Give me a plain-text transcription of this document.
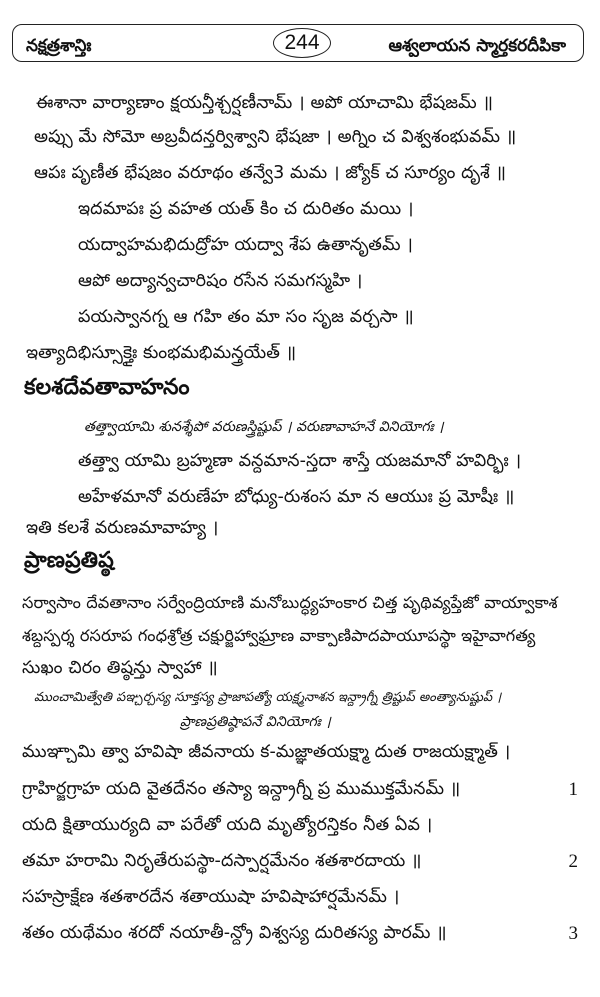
నక్షత్రశాన్తిః	244	ఆశ్వలాయన స్మార్తకరదీపికా
ఈశానా వార్యాణాం క్షయన్తీశ్చర్షణీనామ్ । అపో యాచామి భేషజమ్ ॥
అప్సు మే సోమో అబ్రవీదన్తర్విశ్వాని భేషజా । అగ్నిం చ విశ్వశంభువమ్ ॥
ఆపః పృణీత భేషజం వరూథం తన్వే3 మమ । జ్యోక్ చ సూర్యం దృశే ॥
ఇదమాపః ప్ర వహత యత్ కిం చ దురితం మయి ।
యద్వాహమభిదుద్రోహ యద్వా శేప ఉతానృతమ్ ।
ఆపో అద్యాన్వచారిషం రసేన సమగస్మహి ।
పయస్వానగ్న ఆ గహి తం మా సం సృజ వర్చసా ॥
ఇత్యాదిభిస్సూక్తైః కుంభమభిమన్త్రయేత్ ॥
కలశదేవతావాహనం
తత్త్వాయామి శునశ్శేపో వరుణస్త్రిష్టుప్ । వరుణావాహనే వినియోగః ।
తత్త్వా యామి బ్రహ్మణా వన్దమాన-స్తదా శాస్తే యజమానో హవిర్భిః ।
అహేళమానో వరుణేహ బోధ్యు-రుశంస మా న ఆయుః ప్ర మోషీః ॥
ఇతి కలశే వరుణమావాహ్య ।
ప్రాణప్రతిష్ఠ
సర్వాసాం దేవతానాం సర్వేంద్రియాణి మనోబుద్ధ్యహంకార చిత్త పృథివ్యప్తేజో వాయ్వాకాశ
శబ్దస్పర్శ రసరూప గంధశ్రోత్ర చక్షుర్జిహ్వాఘ్రాణ వాక్పాణిపాదపాయూపస్థా ఇహైవాగత్య
సుఖం చిరం తిష్ఠన్తు స్వాహా ॥
ముంచామిత్వేతి పఞ్చర్చస్య సూక్తస్య ప్రాజాపత్యో యక్ష్మనాశన ఇన్ద్రాగ్నీ త్రిష్టుప్ అంత్యానుష్టుప్ ।
ప్రాణప్రతిష్ఠాపనే వినియోగః ।
ముఞ్చామి త్వా హవిషా జీవనాయ క-మజ్ఞాతయక్ష్మా దుత రాజయక్ష్మాత్ ।
గ్రాహిర్జగ్రాహ యది వైతదేనం తస్యా ఇన్ద్రాగ్నీ ప్ర ముముక్తమేనమ్ ॥	1
యది క్షితాయుర్యది వా పరేతో యది మృత్యోరన్తికం నీత ఏవ ।
తమా హరామి నిరృతేరుపస్థా-దస్పార్షమేనం శతశారదాయ ॥	2
సహస్రాక్షేణ శతశారదేన శతాయుషా హవిషాహార్షమేనమ్ ।
శతం యథేమం శరదో నయాతీ-న్ద్రో విశ్వస్య దురితస్య పారమ్ ॥	3
